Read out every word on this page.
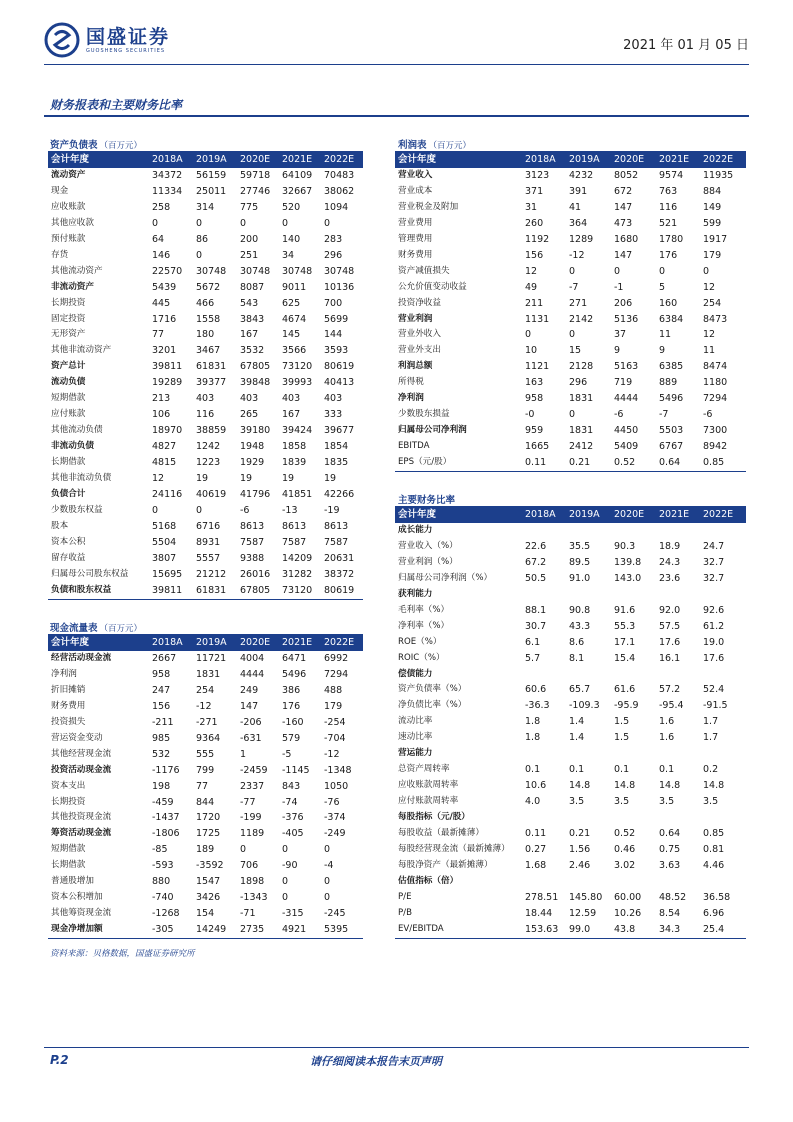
国盛证券
GUOSHENG SECURITIES	2021 年 01 月 05 日
财务报表和主要财务比率
资产负债表 （百万元）
会计年度	2018A	2019A	2020E	2021E	2022E
流动资产	34372	56159	59718	64109	70483
现金	11334	25011	27746	32667	38062
应收账款	258	314	775	520	1094
其他应收款	0	0	0	0	0
预付账款	64	86	200	140	283
存货	146	0	251	34	296
其他流动资产	22570	30748	30748	30748	30748
非流动资产	5439	5672	8087	9011	10136
长期投资	445	466	543	625	700
固定投资	1716	1558	3843	4674	5699
无形资产	77	180	167	145	144
其他非流动资产	3201	3467	3532	3566	3593
资产总计	39811	61831	67805	73120	80619
流动负债	19289	39377	39848	39993	40413
短期借款	213	403	403	403	403
应付账款	106	116	265	167	333
其他流动负债	18970	38859	39180	39424	39677
非流动负债	4827	1242	1948	1858	1854
长期借款	4815	1223	1929	1839	1835
其他非流动负债	12	19	19	19	19
负债合计	24116	40619	41796	41851	42266
少数股东权益	0	0	-6	-13	-19
股本	5168	6716	8613	8613	8613
资本公积	5504	8931	7587	7587	7587
留存收益	3807	5557	9388	14209	20631
归属母公司股东权益	15695	21212	26016	31282	38372
负债和股东权益	39811	61831	67805	73120	80619
现金流量表 （百万元）
会计年度	2018A	2019A	2020E	2021E	2022E
经营活动现金流	2667	11721	4004	6471	6992
净利润	958	1831	4444	5496	7294
折旧摊销	247	254	249	386	488
财务费用	156	-12	147	176	179
投资损失	-211	-271	-206	-160	-254
营运资金变动	985	9364	-631	579	-704
其他经营现金流	532	555	1	-5	-12
投资活动现金流	-1176	799	-2459	-1145	-1348
资本支出	198	77	2337	843	1050
长期投资	-459	844	-77	-74	-76
其他投资现金流	-1437	1720	-199	-376	-374
筹资活动现金流	-1806	1725	1189	-405	-249
短期借款	-85	189	0	0	0
长期借款	-593	-3592	706	-90	-4
普通股增加	880	1547	1898	0	0
资本公积增加	-740	3426	-1343	0	0
其他筹资现金流	-1268	154	-71	-315	-245
现金净增加额	-305	14249	2735	4921	5395
利润表 （百万元）
会计年度	2018A	2019A	2020E	2021E	2022E
营业收入	3123	4232	8052	9574	11935
营业成本	371	391	672	763	884
营业税金及附加	31	41	147	116	149
营业费用	260	364	473	521	599
管理费用	1192	1289	1680	1780	1917
财务费用	156	-12	147	176	179
资产减值损失	12	0	0	0	0
公允价值变动收益	49	-7	-1	5	12
投资净收益	211	271	206	160	254
营业利润	1131	2142	5136	6384	8473
营业外收入	0	0	37	11	12
营业外支出	10	15	9	9	11
利润总额	1121	2128	5163	6385	8474
所得税	163	296	719	889	1180
净利润	958	1831	4444	5496	7294
少数股东损益	-0	0	-6	-7	-6
归属母公司净利润	959	1831	4450	5503	7300
EBITDA	1665	2412	5409	6767	8942
EPS（元/股）	0.11	0.21	0.52	0.64	0.85
主要财务比率
会计年度	2018A	2019A	2020E	2021E	2022E
成长能力					
营业收入（%）	22.6	35.5	90.3	18.9	24.7
营业利润（%）	67.2	89.5	139.8	24.3	32.7
归属母公司净利润（%）	50.5	91.0	143.0	23.6	32.7
获利能力					
毛利率（%）	88.1	90.8	91.6	92.0	92.6
净利率（%）	30.7	43.3	55.3	57.5	61.2
ROE（%）	6.1	8.6	17.1	17.6	19.0
ROIC（%）	5.7	8.1	15.4	16.1	17.6
偿债能力					
资产负债率（%）	60.6	65.7	61.6	57.2	52.4
净负债比率（%）	-36.3	-109.3	-95.9	-95.4	-91.5
流动比率	1.8	1.4	1.5	1.6	1.7
速动比率	1.8	1.4	1.5	1.6	1.7
营运能力					
总资产周转率	0.1	0.1	0.1	0.1	0.2
应收账款周转率	10.6	14.8	14.8	14.8	14.8
应付账款周转率	4.0	3.5	3.5	3.5	3.5
每股指标（元/股）					
每股收益（最新摊薄）	0.11	0.21	0.52	0.64	0.85
每股经营现金流（最新摊薄）	0.27	1.56	0.46	0.75	0.81
每股净资产（最新摊薄）	1.68	2.46	3.02	3.63	4.46
估值指标（倍）					
P/E	278.51	145.80	60.00	48.52	36.58
P/B	18.44	12.59	10.26	8.54	6.96
EV/EBITDA	153.63	99.0	43.8	34.3	25.4
资料来源：贝格数据，国盛证券研究所
P.2	请仔细阅读本报告末页声明
